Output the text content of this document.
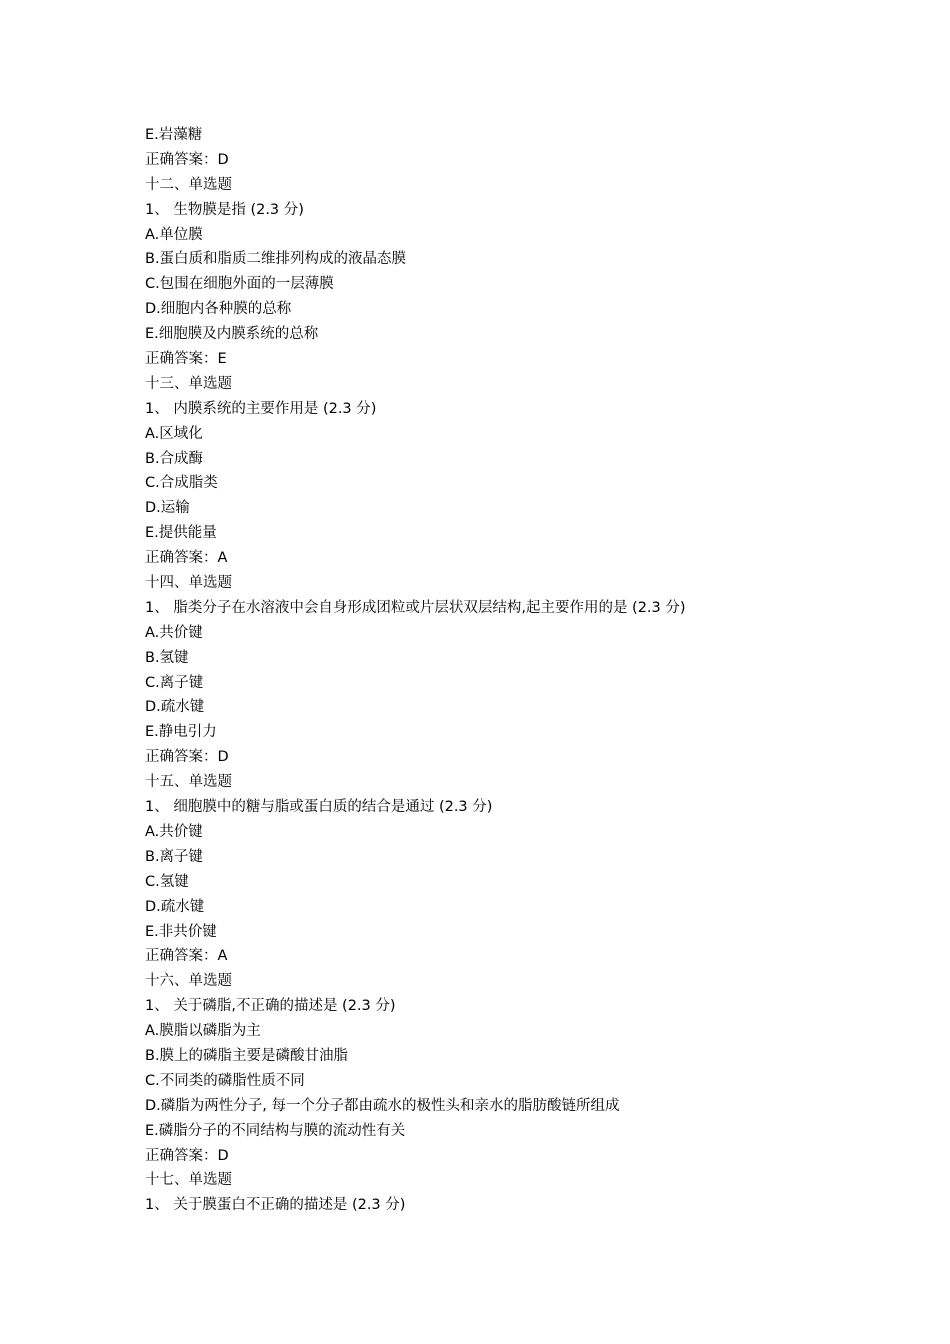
E.岩藻糖
正确答案：D
十二、单选题
1、 生物膜是指 (2.3 分)
A.单位膜
B.蛋白质和脂质二维排列构成的液晶态膜
C.包围在细胞外面的一层薄膜
D.细胞内各种膜的总称
E.细胞膜及内膜系统的总称
正确答案：E
十三、单选题
1、 内膜系统的主要作用是 (2.3 分)
A.区域化
B.合成酶
C.合成脂类
D.运输
E.提供能量
正确答案：A
十四、单选题
1、 脂类分子在水溶液中会自身形成团粒或片层状双层结构,起主要作用的是 (2.3 分)
A.共价键
B.氢键
C.离子键
D.疏水键
E.静电引力
正确答案：D
十五、单选题
1、 细胞膜中的糖与脂或蛋白质的结合是通过 (2.3 分)
A.共价键
B.离子键
C.氢键
D.疏水键
E.非共价键
正确答案：A
十六、单选题
1、 关于磷脂,不正确的描述是 (2.3 分)
A.膜脂以磷脂为主
B.膜上的磷脂主要是磷酸甘油脂
C.不同类的磷脂性质不同
D.磷脂为两性分子, 每一个分子都由疏水的极性头和亲水的脂肪酸链所组成
E.磷脂分子的不同结构与膜的流动性有关
正确答案：D
十七、单选题
1、 关于膜蛋白不正确的描述是 (2.3 分)
